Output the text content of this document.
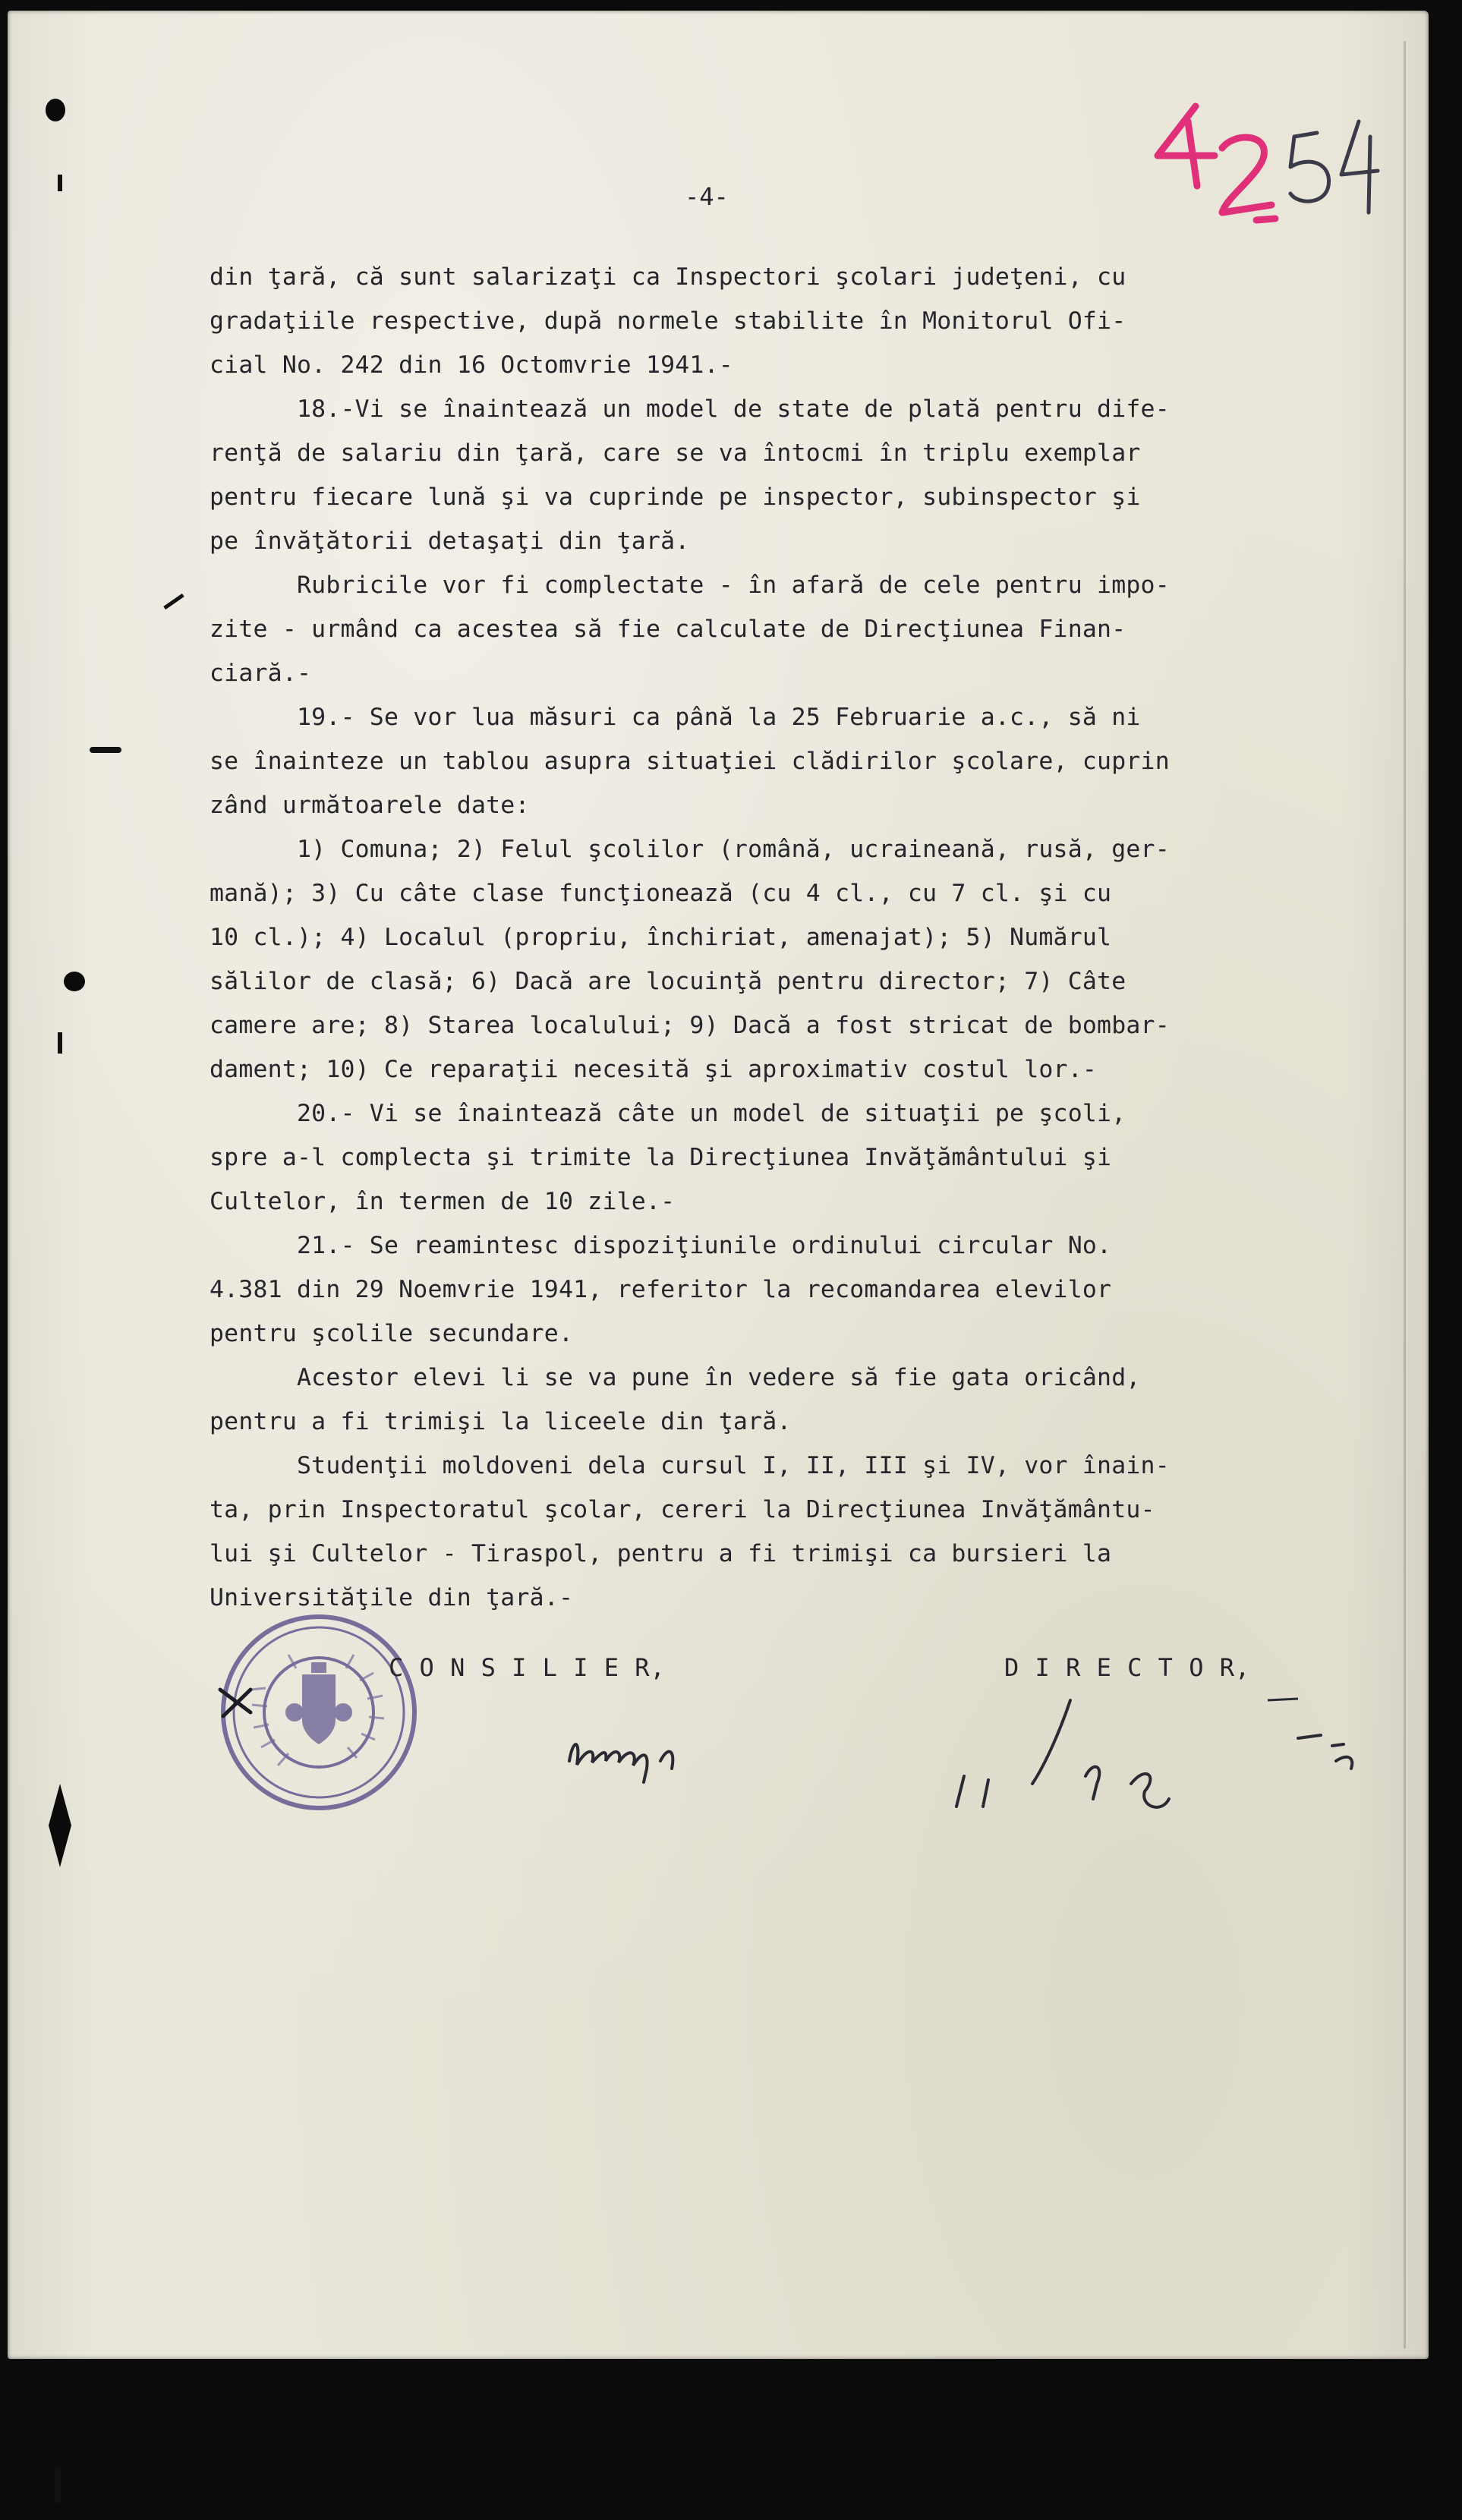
-4-
din ţară, că sunt salarizaţi ca Inspectori şcolari judeţeni, cu
gradaţiile respective, după normele stabilite în Monitorul Ofi-
cial No. 242 din 16 Octomvrie 1941.-
18.-Vi se înaintează un model de state de plată pentru dife-
renţă de salariu din ţară, care se va întocmi în triplu exemplar
pentru fiecare lună şi va cuprinde pe inspector, subinspector şi
pe învăţătorii detaşaţi din ţară.
Rubricile vor fi complectate - în afară de cele pentru impo-
zite - urmând ca acestea să fie calculate de Direcţiunea Finan-
ciară.-
19.- Se vor lua măsuri ca până la 25 Februarie a.c., să ni
se înainteze un tablou asupra situaţiei clădirilor şcolare, cuprin
zând următoarele date:
1) Comuna; 2) Felul şcolilor (română, ucraineană, rusă, ger-
mană); 3) Cu câte clase funcţionează (cu 4 cl., cu 7 cl. şi cu
10 cl.); 4) Localul (propriu, închiriat, amenajat); 5) Numărul
sălilor de clasă; 6) Dacă are locuinţă pentru director; 7) Câte
camere are; 8) Starea localului; 9) Dacă a fost stricat de bombar-
dament; 10) Ce reparaţii necesită şi aproximativ costul lor.-
20.- Vi se înaintează câte un model de situaţii pe şcoli,
spre a-l complecta şi trimite la Direcţiunea Invăţământului şi
Cultelor, în termen de 10 zile.-
21.- Se reamintesc dispoziţiunile ordinului circular No.
4.381 din 29 Noemvrie 1941, referitor la recomandarea elevilor
pentru şcolile secundare.
Acestor elevi li se va pune în vedere să fie gata oricând,
pentru a fi trimişi la liceele din ţară.
Studenţii moldoveni dela cursul I, II, III şi IV, vor înain-
ta, prin Inspectoratul şcolar, cereri la Direcţiunea Invăţământu-
lui şi Cultelor - Tiraspol, pentru a fi trimişi ca bursieri la
Universităţile din ţară.-
C O N S I L I E R,	D I R E C T O R,
